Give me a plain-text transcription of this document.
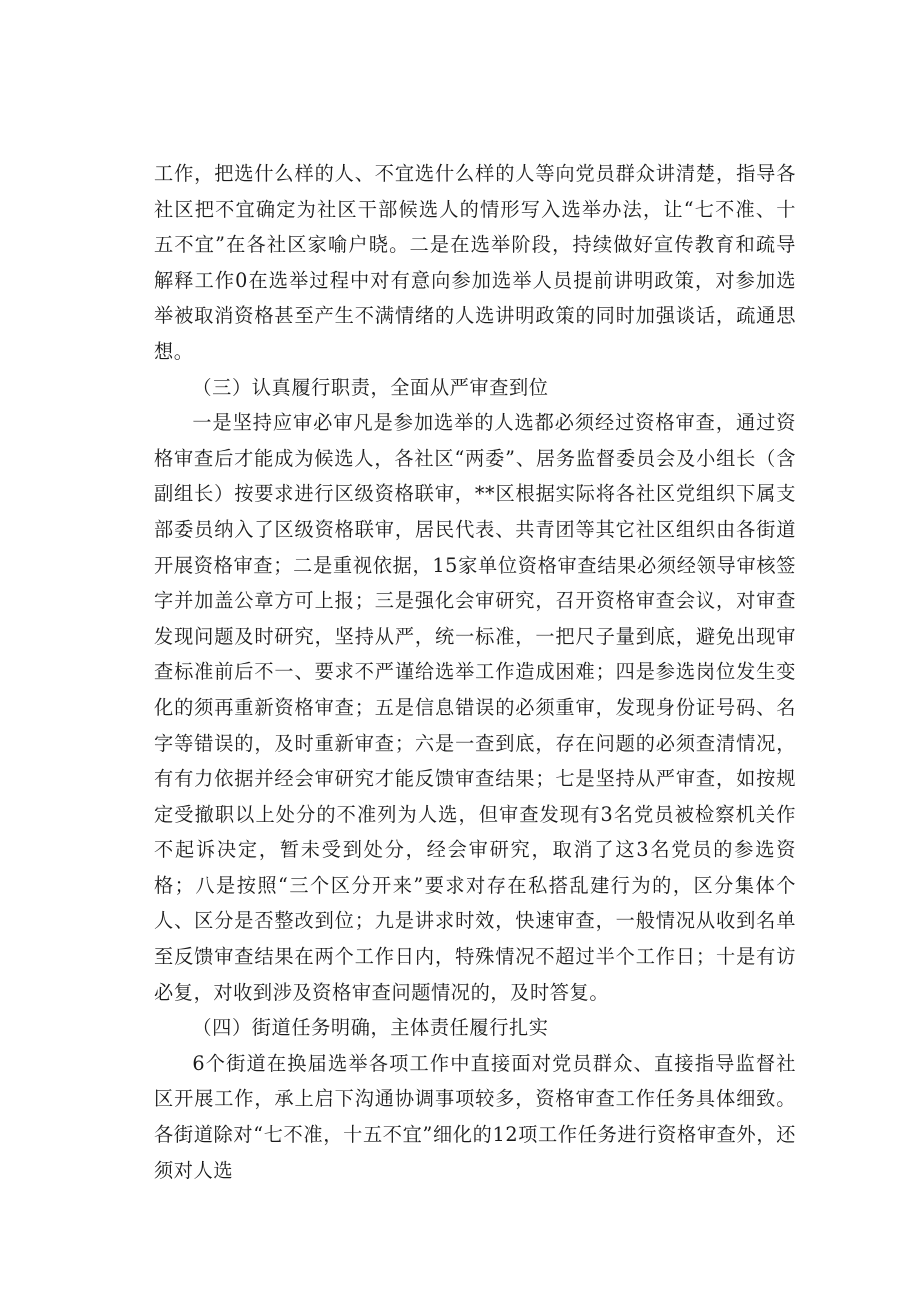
工作，把选什么样的人、不宜选什么样的人等向党员群众讲清楚，指导各社区把不宜确定为社区干部候选人的情形写入选举办法，让“七不准、十五不宜”在各社区家喻户晓。二是在选举阶段，持续做好宣传教育和疏导解释工作0在选举过程中对有意向参加选举人员提前讲明政策，对参加选举被取消资格甚至产生不满情绪的人选讲明政策的同时加强谈话，疏通思想。

（三）认真履行职责，全面从严审查到位

一是坚持应审必审凡是参加选举的人选都必须经过资格审查，通过资格审查后才能成为候选人，各社区“两委”、居务监督委员会及小组长（含副组长）按要求进行区级资格联审，**区根据实际将各社区党组织下属支部委员纳入了区级资格联审，居民代表、共青团等其它社区组织由各街道开展资格审查；二是重视依据，15家单位资格审查结果必须经领导审核签字并加盖公章方可上报；三是强化会审研究，召开资格审查会议，对审查发现问题及时研究，坚持从严，统一标准，一把尺子量到底，避免出现审查标准前后不一、要求不严谨给选举工作造成困难；四是参选岗位发生变化的须再重新资格审查；五是信息错误的必须重审，发现身份证号码、名字等错误的，及时重新审查；六是一查到底，存在问题的必须查清情况，有有力依据并经会审研究才能反馈审查结果；七是坚持从严审查，如按规定受撤职以上处分的不准列为人选，但审查发现有3名党员被检察机关作不起诉决定，暂未受到处分，经会审研究，取消了这3名党员的参选资格；八是按照“三个区分开来”要求对存在私搭乱建行为的，区分集体个人、区分是否整改到位；九是讲求时效，快速审查，一般情况从收到名单至反馈审查结果在两个工作日内，特殊情况不超过半个工作日；十是有访必复，对收到涉及资格审查问题情况的，及时答复。

（四）街道任务明确，主体责任履行扎实

6个街道在换届选举各项工作中直接面对党员群众、直接指导监督社区开展工作，承上启下沟通协调事项较多，资格审查工作任务具体细致。各街道除对“七不准，十五不宜”细化的12项工作任务进行资格审查外，还须对人选
